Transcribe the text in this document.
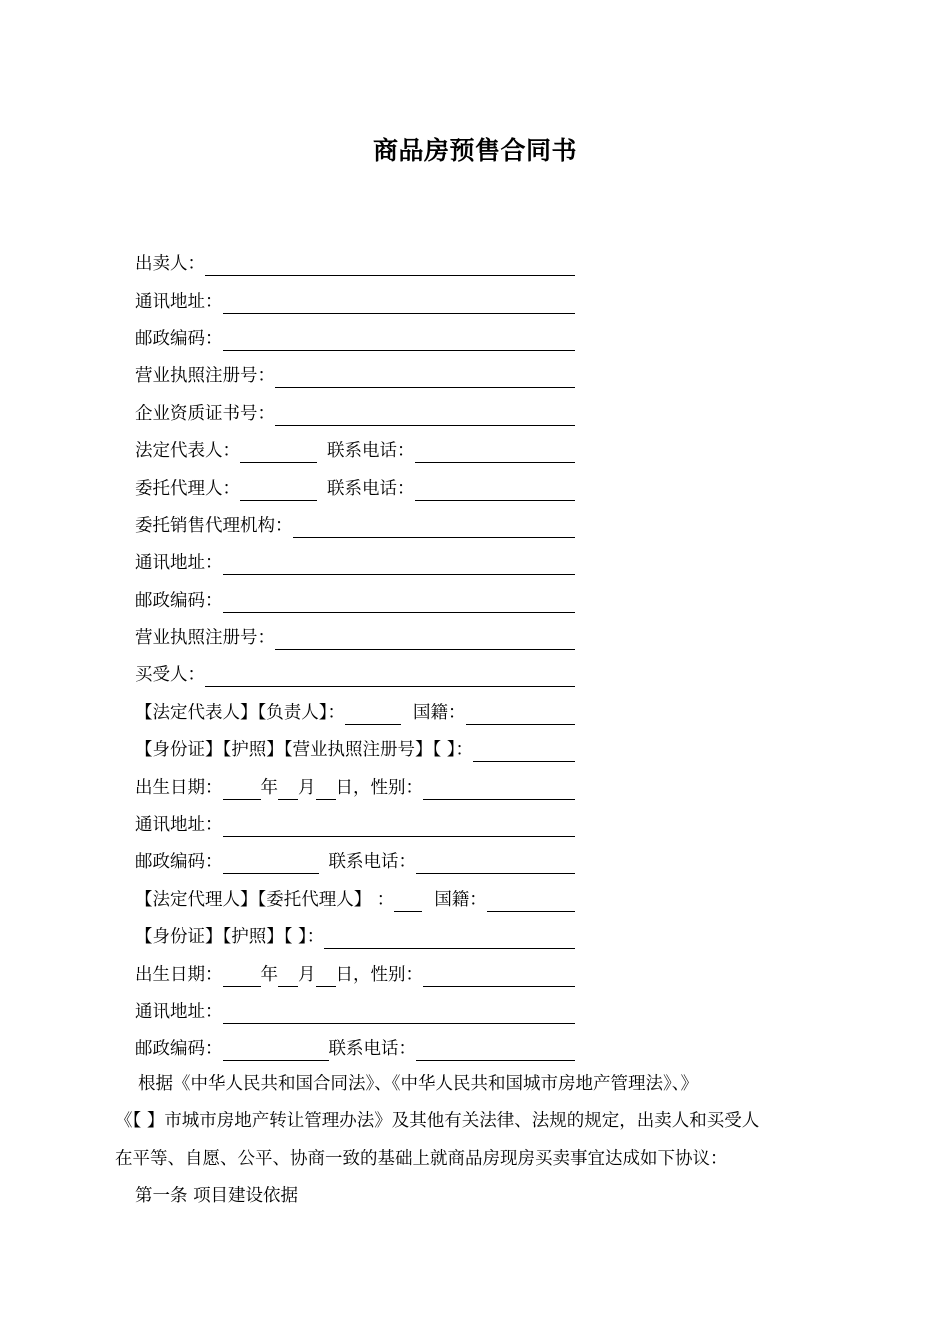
商品房预售合同书
出卖人：
通讯地址：
邮政编码：
营业执照注册号：
企业资质证书号：
法定代表人：	联系电话：
委托代理人：	联系电话：
委托销售代理机构：
通讯地址：
邮政编码：
营业执照注册号：
买受人：
【法定代表人】【负责人】：	国籍：
【身份证】【护照】【营业执照注册号】【 】：
出生日期： 年 月 日，性别：
通讯地址：
邮政编码：	联系电话：
【法定代理人】【委托代理人】 ： 国籍：
【身份证】【护照】【 】：
出生日期： 年 月 日，性别：
通讯地址：
邮政编码：	联系电话：
根据《中华人民共和国合同法》、《中华人民共和国城市房地产管理法》、》
《【 】市城市房地产转让管理办法》及其他有关法律、法规的规定，出卖人和买受人
在平等、自愿、公平、协商一致的基础上就商品房现房买卖事宜达成如下协议：
第一条 项目建设依据
